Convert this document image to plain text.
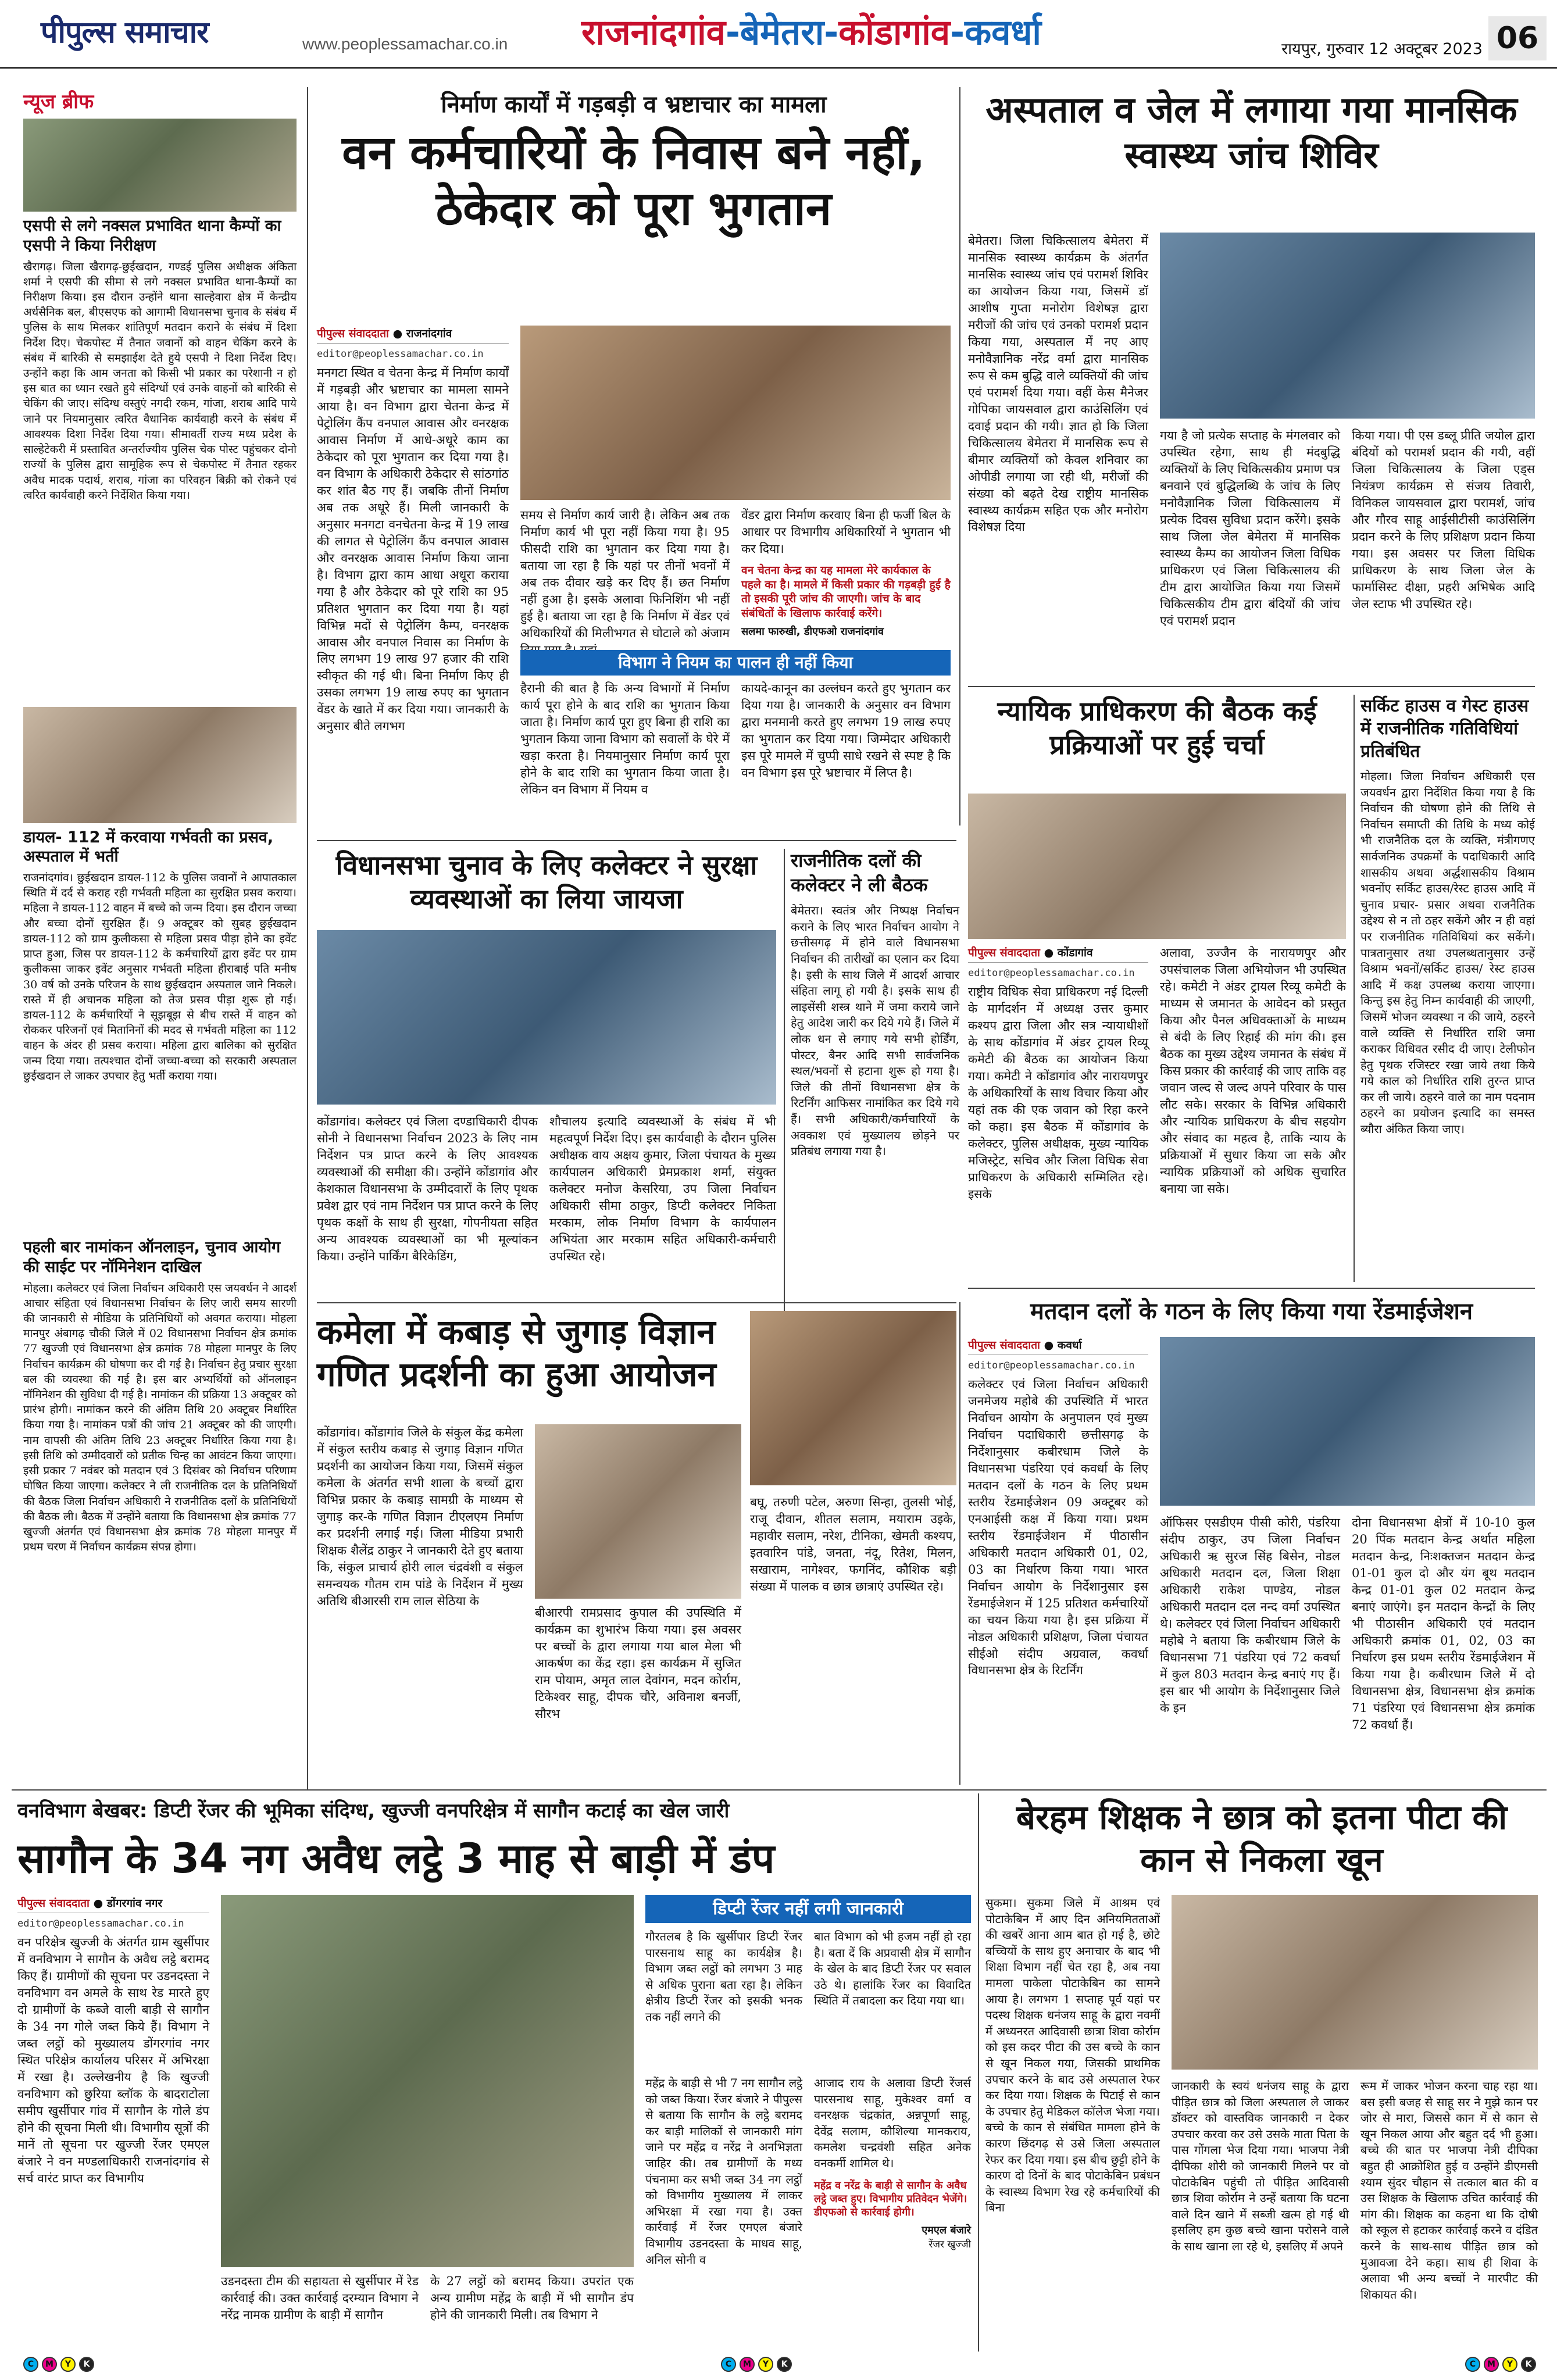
पीपुल्स समाचार	www.peoplessamachar.co.in	राजनांदगांव-बेमेतरा-कोंडागांव-कवर्धा	रायपुर, गुरुवार 12 अक्टूबर 2023 06
न्यूज ब्रीफ
एसपी से लगे नक्सल प्रभावित थाना कैम्पों का एसपी ने किया निरीक्षण
खैरागढ़। जिला खैरागढ़-छुईखदान, गण्डई पुलिस अधीक्षक अंकिता शर्मा ने एसपी की सीमा से लगे नक्सल प्रभावित थाना-कैम्पों का निरीक्षण किया। इस दौरान उन्होंने थाना साल्हेवारा क्षेत्र में केन्द्रीय अर्धसैनिक बल, बीएसएफ को आगामी विधानसभा चुनाव के संबंध में पुलिस के साथ मिलकर शांतिपूर्ण मतदान कराने के संबंध में दिशा निर्देश दिए। चेकपोस्ट में तैनात जवानों को वाहन चेकिंग करने के संबंध में बारिकी से समझाईश देते हुये एसपी ने दिशा निर्देश दिए। उन्होंने कहा कि आम जनता को किसी भी प्रकार का परेशानी न हो इस बात का ध्यान रखते हुये संदिग्धों एवं उनके वाहनों को बारिकी से चेकिंग की जाए। संदिग्ध वस्तुएं नगदी रकम, गांजा, शराब आदि पाये जाने पर नियमानुसार त्वरित वैधानिक कार्यवाही करने के संबंध में आवश्यक दिशा निर्देश दिया गया। सीमावर्ती राज्य मध्य प्रदेश के साल्हेटेकरी में प्रस्तावित अन्तर्राज्यीय पुलिस चेक पोस्ट पहुंचकर दोनो राज्यों के पुलिस द्वारा सामूहिक रूप से चेकपोस्ट में तैनात रहकर अवैध मादक पदार्थ, शराब, गांजा का परिवहन बिक्री को रोकने एवं त्वरित कार्यवाही करने निर्देशित किया गया।
डायल- 112 में करवाया गर्भवती का प्रसव, अस्पताल में भर्ती
राजनांदगांव। छुईखदान डायल-112 के पुलिस जवानों ने आपातकाल स्थिति में दर्द से कराह रही गर्भवती महिला का सुरक्षित प्रसव कराया। महिला ने डायल-112 वाहन में बच्चे को जन्म दिया। इस दौरान जच्चा और बच्चा दोनों सुरक्षित हैं। 9 अक्टूबर को सुबह छुईखदान डायल-112 को ग्राम कुलीकसा से महिला प्रसव पीड़ा होने का इवेंट प्राप्त हुआ, जिस पर डायल-112 के कर्मचारियों द्वारा इवेंट पर ग्राम कुलीकसा जाकर इवेंट अनुसार गर्भवती महिला हीराबाई पति मनीष 30 वर्ष को उनके परिजन के साथ छुईखदान अस्पताल जाने निकले। रास्ते में ही अचानक महिला को तेज प्रसव पीड़ा शुरू हो गई। डायल-112 के कर्मचारियों ने सूझबूझ से बीच रास्ते में वाहन को रोककर परिजनों एवं मितानिनों की मदद से गर्भवती महिला का 112 वाहन के अंदर ही प्रसव कराया। महिला द्वारा बालिका को सुरक्षित जन्म दिया गया। तत्पश्चात दोनों जच्चा-बच्चा को सरकारी अस्पताल छुईखदान ले जाकर उपचार हेतु भर्ती कराया गया।
पहली बार नामांकन ऑनलाइन, चुनाव आयोग की साईट पर नॉमिनेशन दाखिल
मोहला। कलेक्टर एवं जिला निर्वाचन अधिकारी एस जयवर्धन ने आदर्श आचार संहिता एवं विधानसभा निर्वाचन के लिए जारी समय सारणी की जानकारी से मीडिया के प्रतिनिधियों को अवगत कराया। मोहला मानपुर अंबागढ़ चौकी जिले में 02 विधानसभा निर्वाचन क्षेत्र क्रमांक 77 खुज्जी एवं विधानसभा क्षेत्र क्रमांक 78 मोहला मानपुर के लिए निर्वाचन कार्यक्रम की घोषणा कर दी गई है। निर्वाचन हेतु प्रचार सुरक्षा बल की व्यवस्था की गई है। इस बार अभ्यर्थियों को ऑनलाइन नॉमिनेशन की सुविधा दी गई है। नामांकन की प्रक्रिया 13 अक्टूबर को प्रारंभ होगी। नामांकन करने की अंतिम तिथि 20 अक्टूबर निर्धारित किया गया है। नामांकन पत्रों की जांच 21 अक्टूबर को की जाएगी। नाम वापसी की अंतिम तिथि 23 अक्टूबर निर्धारित किया गया है। इसी तिथि को उम्मीदवारों को प्रतीक चिन्ह का आवंटन किया जाएगा। इसी प्रकार 7 नवंबर को मतदान एवं 3 दिसंबर को निर्वाचन परिणाम घोषित किया जाएगा। कलेक्टर ने ली राजनीतिक दल के प्रतिनिधियों की बैठक जिला निर्वाचन अधिकारी ने राजनीतिक दलों के प्रतिनिधियों की बैठक ली। बैठक में उन्होंने बताया कि विधानसभा क्षेत्र क्रमांक 77 खुज्जी अंतर्गत एवं विधानसभा क्षेत्र क्रमांक 78 मोहला मानपुर में प्रथम चरण में निर्वाचन कार्यक्रम संपन्न होगा।
निर्माण कार्यों में गड़बड़ी व भ्रष्टाचार का मामला
वन कर्मचारियों के निवास बने नहीं, ठेकेदार को पूरा भुगतान
पीपुल्स संवाददाता ● राजनांदगांव
editor@peoplessamachar.co.in
मनगटा स्थित व चेतना केन्द्र में निर्माण कार्यों में गड़बड़ी और भ्रष्टाचार का मामला सामने आया है। वन विभाग द्वारा चेतना केन्द्र में पेट्रोलिंग कैंप वनपाल आवास और वनरक्षक आवास निर्माण में आधे-अधूरे काम का ठेकेदार को पूरा भुगतान कर दिया गया है। वन विभाग के अधिकारी ठेकेदार से सांठगांठ कर शांत बैठ गए हैं। जबकि तीनों निर्माण अब तक अधूरे हैं। मिली जानकारी के अनुसार मनगटा वनचेतना केन्द्र में 19 लाख की लागत से पेट्रोलिंग कैंप वनपाल आवास और वनरक्षक आवास निर्माण किया जाना है। विभाग द्वारा काम आधा अधूरा कराया गया है और ठेकेदार को पूरे राशि का 95 प्रतिशत भुगतान कर दिया गया है। यहां विभिन्न मदों से पेट्रोलिंग कैम्प, वनरक्षक आवास और वनपाल निवास का निर्माण के लिए लगभग 19 लाख 97 हजार की राशि स्वीकृत की गई थी। बिना निर्माण किए ही उसका लगभग 19 लाख रुपए का भुगतान वेंडर के खाते में कर दिया गया। जानकारी के अनुसार बीते लगभग
समय से निर्माण कार्य जारी है। लेकिन अब तक निर्माण कार्य भी पूरा नहीं किया गया है। 95 फीसदी राशि का भुगतान कर दिया गया है। बताया जा रहा है कि यहां पर तीनों भवनों में अब तक दीवार खड़े कर दिए हैं। छत निर्माण नहीं हुआ है। इसके अलावा फिनिशिंग भी नहीं हुई है। बताया जा रहा है कि निर्माण में वेंडर एवं अधिकारियों की मिलीभगत से घोटाले को अंजाम
वेंडर द्वारा निर्माण करवाए बिना ही फर्जी बिल के आधार पर विभागीय अधिकारियों ने भुगतान भी कर दिया।
वन चेतना केन्द्र का यह मामला मेरे कार्यकाल के पहले का है। मामले में किसी प्रकार की गड़बड़ी हुई है तो इसकी पूरी जांच की जाएगी। जांच के बाद संबंधितों के खिलाफ कार्रवाई करेंगे।
सलमा फारुखी, डीएफओ राजनांदगांव
विभाग ने नियम का पालन ही नहीं किया
हैरानी की बात है कि अन्य विभागों में निर्माण कार्य पूरा होने के बाद राशि का भुगतान किया जाता है। निर्माण कार्य पूरा हुए बिना ही राशि का भुगतान किया जाना विभाग को सवालों के घेरे में खड़ा करता है। नियमानुसार निर्माण कार्य पूरा होने के बाद राशि का भुगतान किया जाता है। लेकिन वन विभाग में नियम व
कायदे-कानून का उल्लंघन करते हुए भुगतान कर दिया गया है। जानकारी के अनुसार वन विभाग द्वारा मनमानी करते हुए लगभग 19 लाख रुपए का भुगतान कर दिया गया। जिम्मेदार अधिकारी इस पूरे मामले में चुप्पी साधे रखने से स्पष्ट है कि वन विभाग इस पूरे भ्रष्टाचार में लिप्त है।
अस्पताल व जेल में लगाया गया मानसिक स्वास्थ्य जांच शिविर
बेमेतरा। जिला चिकित्सालय बेमेतरा में मानसिक स्वास्थ्य कार्यक्रम के अंतर्गत मानसिक स्वास्थ्य जांच एवं परामर्श शिविर का आयोजन किया गया, जिसमें डॉ आशीष गुप्ता मनोरोग विशेषज्ञ द्वारा मरीजों की जांच एवं उनको परामर्श प्रदान किया गया, अस्पताल में नए आए मनोवैज्ञानिक नरेंद्र वर्मा द्वारा मानसिक रूप से कम बुद्धि वाले व्यक्तियों की जांच एवं परामर्श दिया गया। वहीं केस मैनेजर गोपिका जायसवाल द्वारा काउंसिलिंग एवं दवाई प्रदान की गयी। ज्ञात हो कि जिला चिकित्सालय बेमेतरा में मानसिक रूप से बीमार व्यक्तियों को केवल शनिवार का ओपीडी लगाया जा रही थी, मरीजों की संख्या को बढ़ते देख राष्ट्रीय मानसिक स्वास्थ्य कार्यक्रम सहित एक और मनोरोग विशेषज्ञ दिया
गया है जो प्रत्येक सप्ताह के मंगलवार को उपस्थित रहेगा, साथ ही मंदबुद्धि व्यक्तियों के लिए चिकित्सकीय प्रमाण पत्र बनवाने एवं बुद्धिलब्धि के जांच के लिए मनोवैज्ञानिक जिला चिकित्सालय में प्रत्येक दिवस सुविधा प्रदान करेंगे। इसके साथ जिला जेल बेमेतरा में मानसिक स्वास्थ्य कैम्प का आयोजन जिला विधिक प्राधिकरण एवं जिला चिकित्सालय की टीम द्वारा आयोजित किया गया जिसमें चिकित्सकीय टीम द्वारा बंदियों की जांच एवं परामर्श प्रदान
किया गया। पी एस डब्लू प्रीति जयोल द्वारा बंदियों को परामर्श प्रदान की गयी, वहीं जिला चिकित्सालय के जिला एड्स नियंत्रण कार्यक्रम से संजय तिवारी, विनिकल जायसवाल द्वारा परामर्श, जांच और गौरव साहू आईसीटीसी काउंसिलिंग प्रदान करने के लिए प्रशिक्षण प्रदान किया गया। इस अवसर पर जिला विधिक प्राधिकरण के साथ जिला जेल के फार्मासिस्ट दीक्षा, प्रहरी अभिषेक आदि जेल स्टाफ भी उपस्थित रहे।
न्यायिक प्राधिकरण की बैठक कई प्रक्रियाओं पर हुई चर्चा
पीपुल्स संवाददाता ● कोंडागांव
editor@peoplessamachar.co.in
राष्ट्रीय विधिक सेवा प्राधिकरण नई दिल्ली के मार्गदर्शन में अध्यक्ष उत्तर कुमार कश्यप द्वारा जिला और सत्र न्यायाधीशों के साथ कोंडागांव में अंडर ट्रायल रिव्यू कमेटी की बैठक का आयोजन किया गया। कमेटी ने कोंडागांव और नारायणपुर के अधिकारियों के साथ विचार किया और यहां तक की एक जवान को रिहा करने को कहा। इस बैठक में कोंडागांव के कलेक्टर, पुलिस अधीक्षक, मुख्य न्यायिक मजिस्ट्रेट, सचिव और जिला विधिक सेवा प्राधिकरण के अधिकारी सम्मिलित रहे। इसके
अलावा, उज्जैन के नारायणपुर और उपसंचालक जिला अभियोजन भी उपस्थित रहे। कमेटी ने अंडर ट्रायल रिव्यू कमेटी के माध्यम से जमानत के आवेदन को प्रस्तुत किया और पैनल अधिवक्ताओं के माध्यम से बंदी के लिए रिहाई की मांग की। इस बैठक का मुख्य उद्देश्य जमानत के संबंध में किस प्रकार की कार्रवाई की जाए ताकि वह जवान जल्द से जल्द अपने परिवार के पास लौट सके। सरकार के विभिन्न अधिकारी और न्यायिक प्राधिकरण के बीच सहयोग और संवाद का महत्व है, ताकि न्याय के प्रक्रियाओं में सुधार किया जा सके और न्यायिक प्रक्रियाओं को अधिक सुचारित बनाया जा सके।
सर्किट हाउस व गेस्ट हाउस में राजनीतिक गतिविधियां प्रतिबंधित
मोहला। जिला निर्वाचन अधिकारी एस जयवर्धन द्वारा निर्देशित किया गया है कि निर्वाचन की घोषणा होने की तिथि से निर्वाचन समाप्ती की तिथि के मध्य कोई भी राजनैतिक दल के व्यक्ति, मंत्रीगणए सार्वजनिक उपक्रमों के पदाधिकारी आदि शासकीय अथवा अर्द्धशासकीय विश्राम भवनोंए सर्किट हाउस/रेस्ट हाउस आदि में चुनाव प्रचार- प्रसार अथवा राजनैतिक उद्देश्य से न तो ठहर सकेंगे और न ही वहां पर राजनीतिक गतिविधियां कर सकेंगे। पात्रतानुसार तथा उपलब्धतानुसार उन्हें विश्राम भवनों/सर्किट हाउस/ रेस्ट हाउस आदि में कक्ष उपलब्ध कराया जाएगा। किन्तु इस हेतु निम्न कार्यवाही की जाएगी, जिसमें भोजन व्यवस्था न की जाये, ठहरने वाले व्यक्ति से निर्धारित राशि जमा कराकर विधिवत रसीद दी जाए। टेलीफोन हेतु पृथक रजिस्टर रखा जाये तथा किये गये काल को निर्धारित राशि तुरन्त प्राप्त कर ली जाये। ठहरने वाले का नाम पदनाम ठहरने का प्रयोजन इत्यादि का समस्त ब्यौरा अंकित किया जाए।
विधानसभा चुनाव के लिए कलेक्टर ने सुरक्षा व्यवस्थाओं का लिया जायजा
कोंडागांव। कलेक्टर एवं जिला दण्डाधिकारी दीपक सोनी ने विधानसभा निर्वाचन 2023 के लिए नाम निर्देशन पत्र प्राप्त करने के लिए आवश्यक व्यवस्थाओं की समीक्षा की। उन्होंने कोंडागांव और केशकाल विधानसभा के उम्मीदवारों के लिए पृथक प्रवेश द्वार एवं नाम निर्देशन पत्र प्राप्त करने के लिए पृथक कक्षों के साथ ही सुरक्षा, गोपनीयता सहित अन्य आवश्यक व्यवस्थाओं का भी मूल्यांकन किया। उन्होंने पार्किंग बैरिकेडिंग,
शौचालय इत्यादि व्यवस्थाओं के संबंध में भी महत्वपूर्ण निर्देश दिए। इस कार्यवाही के दौरान पुलिस अधीक्षक वाय अक्षय कुमार, जिला पंचायत के मुख्य कार्यपालन अधिकारी प्रेमप्रकाश शर्मा, संयुक्त कलेक्टर मनोज केसरिया, उप जिला निर्वाचन अधिकारी सीमा ठाकुर, डिप्टी कलेक्टर निकिता मरकाम, लोक निर्माण विभाग के कार्यपालन अभियंता आर मरकाम सहित अधिकारी-कर्मचारी उपस्थित रहे।
राजनीतिक दलों की कलेक्टर ने ली बैठक
बेमेतरा। स्वतंत्र और निष्पक्ष निर्वाचन कराने के लिए भारत निर्वाचन आयोग ने छत्तीसगढ़ में होने वाले विधानसभा निर्वाचन की तारीखों का एलान कर दिया है। इसी के साथ जिले में आदर्श आचार संहिता लागू हो गयी है। इसके साथ ही लाइसेंसी शस्त्र थाने में जमा कराये जाने हेतु आदेश जारी कर दिये गये हैं। जिले में लोक धन से लगाए गये सभी होर्डिंग, पोस्टर, बैनर आदि सभी सार्वजनिक स्थल/भवनों से हटाना शुरू हो गया है। जिले की तीनों विधानसभा क्षेत्र के रिटर्निंग आफिसर नामांकित कर दिये गये हैं। सभी अधिकारी/कर्मचारियों के अवकाश एवं मुख्यालय छोड़ने पर प्रतिबंध लगाया गया है।
कमेला में कबाड़ से जुगाड़ विज्ञान गणित प्रदर्शनी का हुआ आयोजन
कोंडागांव। कोंडागांव जिले के संकुल केंद्र कमेला में संकुल स्तरीय कबाड़ से जुगाड़ विज्ञान गणित प्रदर्शनी का आयोजन किया गया, जिसमें संकुल कमेला के अंतर्गत सभी शाला के बच्चों द्वारा विभिन्न प्रकार के कबाड़ सामग्री के माध्यम से जुगाड़ कर-के गणित विज्ञान टीएलएम निर्माण कर प्रदर्शनी लगाई गई। जिला मीडिया प्रभारी शिक्षक शैलेंद्र ठाकुर ने जानकारी देते हुए बताया कि, संकुल प्राचार्य होरी लाल चंद्रवंशी व संकुल समन्वयक गौतम राम पांडे के निर्देशन में मुख्य अतिथि बीआरसी राम लाल सेठिया के
बीआरपी रामप्रसाद कुपाल की उपस्थिति में कार्यक्रम का शुभारंभ किया गया। इस अवसर पर बच्चों के द्वारा लगाया गया बाल मेला भी आकर्षण का केंद्र रहा। इस कार्यक्रम में सुजित राम पोयाम, अमृत लाल देवांगन, मदन कोर्राम, टिकेश्वर साहू, दीपक चौरे, अविनाश बनर्जी, सौरभ
बघू, तरुणी पटेल, अरुणा सिन्हा, तुलसी भोई, राजू दीवान, शीतल सलाम, मयाराम उइके, महावीर सलाम, नरेश, टीनिका, खेमती कश्यप, इतवारिन पांडे, जनता, नंदू, रितेश, मिलन, सखाराम, नागेश्वर, फगनिंद, कौशिक बड़ी संख्या में पालक व छात्र छात्राएं उपस्थित रहे।
मतदान दलों के गठन के लिए किया गया रेंडमाईजेशन
पीपुल्स संवाददाता ● कवर्धा
editor@peoplessamachar.co.in
कलेक्टर एवं जिला निर्वाचन अधिकारी जनमेजय महोबे की उपस्थिति में भारत निर्वाचन आयोग के अनुपालन एवं मुख्य निर्वाचन पदाधिकारी छत्तीसगढ़ के निर्देशानुसार कबीरधाम जिले के विधानसभा पंडरिया एवं कवर्धा के लिए मतदान दलों के गठन के लिए प्रथम स्तरीय रेंडमाईजेशन 09 अक्टूबर को एनआईसी कक्ष में किया गया। प्रथम स्तरीय रेंडमाईजेशन में पीठासीन अधिकारी मतदान अधिकारी 01, 02, 03 का निर्धारण किया गया। भारत निर्वाचन आयोग के निर्देशानुसार इस रेंडमाईजेशन में 125 प्रतिशत कर्मचारियों का चयन किया गया है। इस प्रक्रिया में नोडल अधिकारी प्रशिक्षण, जिला पंचायत सीईओ संदीप अग्रवाल, कवर्धा विधानसभा क्षेत्र के रिटर्निंग
ऑफिसर एसडीएम पीसी कोरी, पंडरिया संदीप ठाकुर, उप जिला निर्वाचन अधिकारी ऋ सुरज सिंह बिसेन, नोडल अधिकारी मतदान दल, जिला शिक्षा अधिकारी राकेश पाण्डेय, नोडल अधिकारी मतदान दल नन्द वर्मा उपस्थित थे। कलेक्टर एवं जिला निर्वाचन अधिकारी महोबे ने बताया कि कबीरधाम जिले के विधानसभा 71 पंडरिया एवं 72 कवर्धा में कुल 803 मतदान केन्द्र बनाएं गए हैं। इस बार भी आयोग के निर्देशानुसार जिले के इन
दोना विधानसभा क्षेत्रों में 10-10 कुल 20 पिंक मतदान केन्द्र अर्थात महिला मतदान केन्द्र, निःशक्तजन मतदान केन्द्र 01-01 कुल दो और यंग बूथ मतदान केन्द्र 01-01 कुल 02 मतदान केन्द्र बनाएं जाएंगे। इन मतदान केन्द्रों के लिए भी पीठासीन अधिकारी एवं मतदान अधिकारी क्रमांक 01, 02, 03 का निर्धारण इस प्रथम स्तरीय रेंडमाईजेशन में किया गया है। कबीरधाम जिले में दो विधानसभा क्षेत्र, विधानसभा क्षेत्र क्रमांक 71 पंडरिया एवं विधानसभा क्षेत्र क्रमांक 72 कवर्धा हैं।
वनविभाग बेखबर: डिप्टी रेंजर की भूमिका संदिग्ध, खुज्जी वनपरिक्षेत्र में सागौन कटाई का खेल जारी
सागौन के 34 नग अवैध लट्ठे 3 माह से बाड़ी में डंप
पीपुल्स संवाददाता ● डोंगरगांव नगर
editor@peoplessamachar.co.in
वन परिक्षेत्र खुज्जी के अंतर्गत ग्राम खुर्सीपार में वनविभाग ने सागौन के अवैध लट्ठे बरामद किए हैं। ग्रामीणों की सूचना पर उडनदस्ता ने वनविभाग वन अमले के साथ रेड मारते हुए दो ग्रामीणों के कब्जे वाली बाड़ी से सागौन के 34 नग गोले जब्त किये हैं। विभाग ने जब्त लट्ठों को मुख्यालय डोंगरगांव नगर स्थित परिक्षेत्र कार्यालय परिसर में अभिरक्षा में रखा है। उल्लेखनीय है कि खुज्जी वनविभाग को छुरिया ब्लॉक के बादराटोला समीप खुर्सीपार गांव में सागौन के गोले डंप होने की सूचना मिली थी। विभागीय सूत्रों की मानें तो सूचना पर खुज्जी रेंजर एमएल बंजारे ने वन मण्डलाधिकारी राजनांदगांव से सर्च वारंट प्राप्त कर विभागीय
उडनदस्ता टीम की सहायता से खुर्सीपार में रेड कार्रवाई की। उक्त कार्रवाई दरम्यान विभाग ने नरेंद्र नामक ग्रामीण के बाड़ी में सागौन
के 27 लट्ठों को बरामद किया। उपरांत एक अन्य ग्रामीण महेंद्र के बाड़ी में भी सागौन डंप होने की जानकारी मिली। तब विभाग ने
डिप्टी रेंजर नहीं लगी जानकारी
गौरतलब है कि खुर्सीपार डिप्टी रेंजर पारसनाथ साहू का कार्यक्षेत्र है। विभाग जब्त लट्ठों को लगभग 3 माह से अधिक पुराना बता रहा है। लेकिन क्षेत्रीय डिप्टी रेंजर को इसकी भनक तक नहीं लगने की
बात विभाग को भी हजम नहीं हो रहा है। बता दें कि अप्रवासी क्षेत्र में सागौन के खेल के बाद डिप्टी रेंजर पर सवाल उठे थे। हालांकि रेंजर का विवादित स्थिति में तबादला कर दिया गया था।
महेंद्र के बाड़ी से भी 7 नग सागौन लट्ठे को जब्त किया। रेंजर बंजारे ने पीपुल्स से बताया कि सागौन के लट्ठे बरामद कर बाड़ी मालिकों से जानकारी मांग जाने पर महेंद्र व नरेंद्र ने अनभिज्ञता जाहिर की। तब ग्रामीणों के मध्य पंचनामा कर सभी जब्त 34 नग लट्ठों को विभागीय मुख्यालय में लाकर अभिरक्षा में रखा गया है। उक्त कार्रवाई में रेंजर एमएल बंजारे विभागीय उडनदस्ता के माधव साहू, अनिल सोनी व
आजाद राय के अलावा डिप्टी रेंजर्स पारसनाथ साहू, मुकेश्वर वर्मा व वनरक्षक चंद्रकांत, अन्नपूर्णा साहू, देवेंद्र सलाम, कौशिल्या मानकराय, कमलेश चन्द्रवंशी सहित अनेक वनकर्मी शामिल थे।
महेंद्र व नरेंद्र के बाड़ी से सागौन के अवैध लट्ठे जब्त हुए। विभागीय प्रतिवेदन भेजेंगे। डीएफओ से कार्रवाई होगी।
एमएल बंजारे
रेंजर खुज्जी
बेरहम शिक्षक ने छात्र को इतना पीटा की कान से निकला खून
सुकमा। सुकमा जिले में आश्रम एवं पोटाकेबिन में आए दिन अनियमितताओं की खबरें आना आम बात हो गई है, छोटे बच्चियों के साथ हुए अनाचार के बाद भी शिक्षा विभाग नहीं चेत रहा है, अब नया मामला पाकेला पोटाकेबिन का सामने आया है। लगभग 1 सप्ताह पूर्व यहां पर पदस्थ शिक्षक धनंजय साहू के द्वारा नवमीं में अध्यनरत आदिवासी छात्रा शिवा कोर्राम को इस कदर पीटा की उस बच्चे के कान से खून निकल गया, जिसकी प्राथमिक उपचार करने के बाद उसे अस्पताल रेफर कर दिया गया। शिक्षक के पिटाई से कान के उपचार हेतु मेडिकल कॉलेज भेजा गया। बच्चे के कान से संबंधित मामला होने के कारण छिंदगढ़ से उसे जिला अस्पताल रेफर कर दिया गया। इस बीच छुट्टी होने के कारण दो दिनों के बाद पोटाकेबिन प्रबंधन के स्वास्थ्य विभाग रेख रहे कर्मचारियों की बिना
जानकारी के स्वयं धनंजय साहू के द्वारा पीड़ित छात्र को जिला अस्पताल ले जाकर डॉक्टर को वास्तविक जानकारी न देकर उपचार करवा कर उसे उसके माता पिता के पास गोंगला भेज दिया गया। भाजपा नेत्री दीपिका शोरी को जानकारी मिलने पर वो पोटाकेबिन पहुंची तो पीड़ित आदिवासी छात्र शिवा कोर्राम ने उन्हें बताया कि घटना वाले दिन खाने में सब्जी खत्म हो गई थी इसलिए हम कुछ बच्चे खाना परोसने वाले के साथ खाना ला रहे थे, इसलिए में अपने
रूम में जाकर भोजन करना चाह रहा था। बस इसी बजह से साहू सर ने मुझे कान पर जोर से मारा, जिससे कान में से कान से खून निकल आया और बहुत दर्द भी हुआ। बच्चे की बात पर भाजपा नेत्री दीपिका बहुत ही आक्रोशित हुई व उन्होंने डीएमसी श्याम सुंदर चौहान से तत्काल बात की व उस शिक्षक के खिलाफ उचित कार्रवाई की मांग की। शिक्षक का कहना था कि दोषी को स्कूल से हटाकर कार्रवाई करने व दंडित करने के साथ-साथ पीड़ित छात्र को मुआवजा देने कहा। साथ ही शिवा के अलावा भी अन्य बच्चों ने मारपीट की शिकायत की।
C	M	Y	K	C	M	Y	K	C	M	Y	K
